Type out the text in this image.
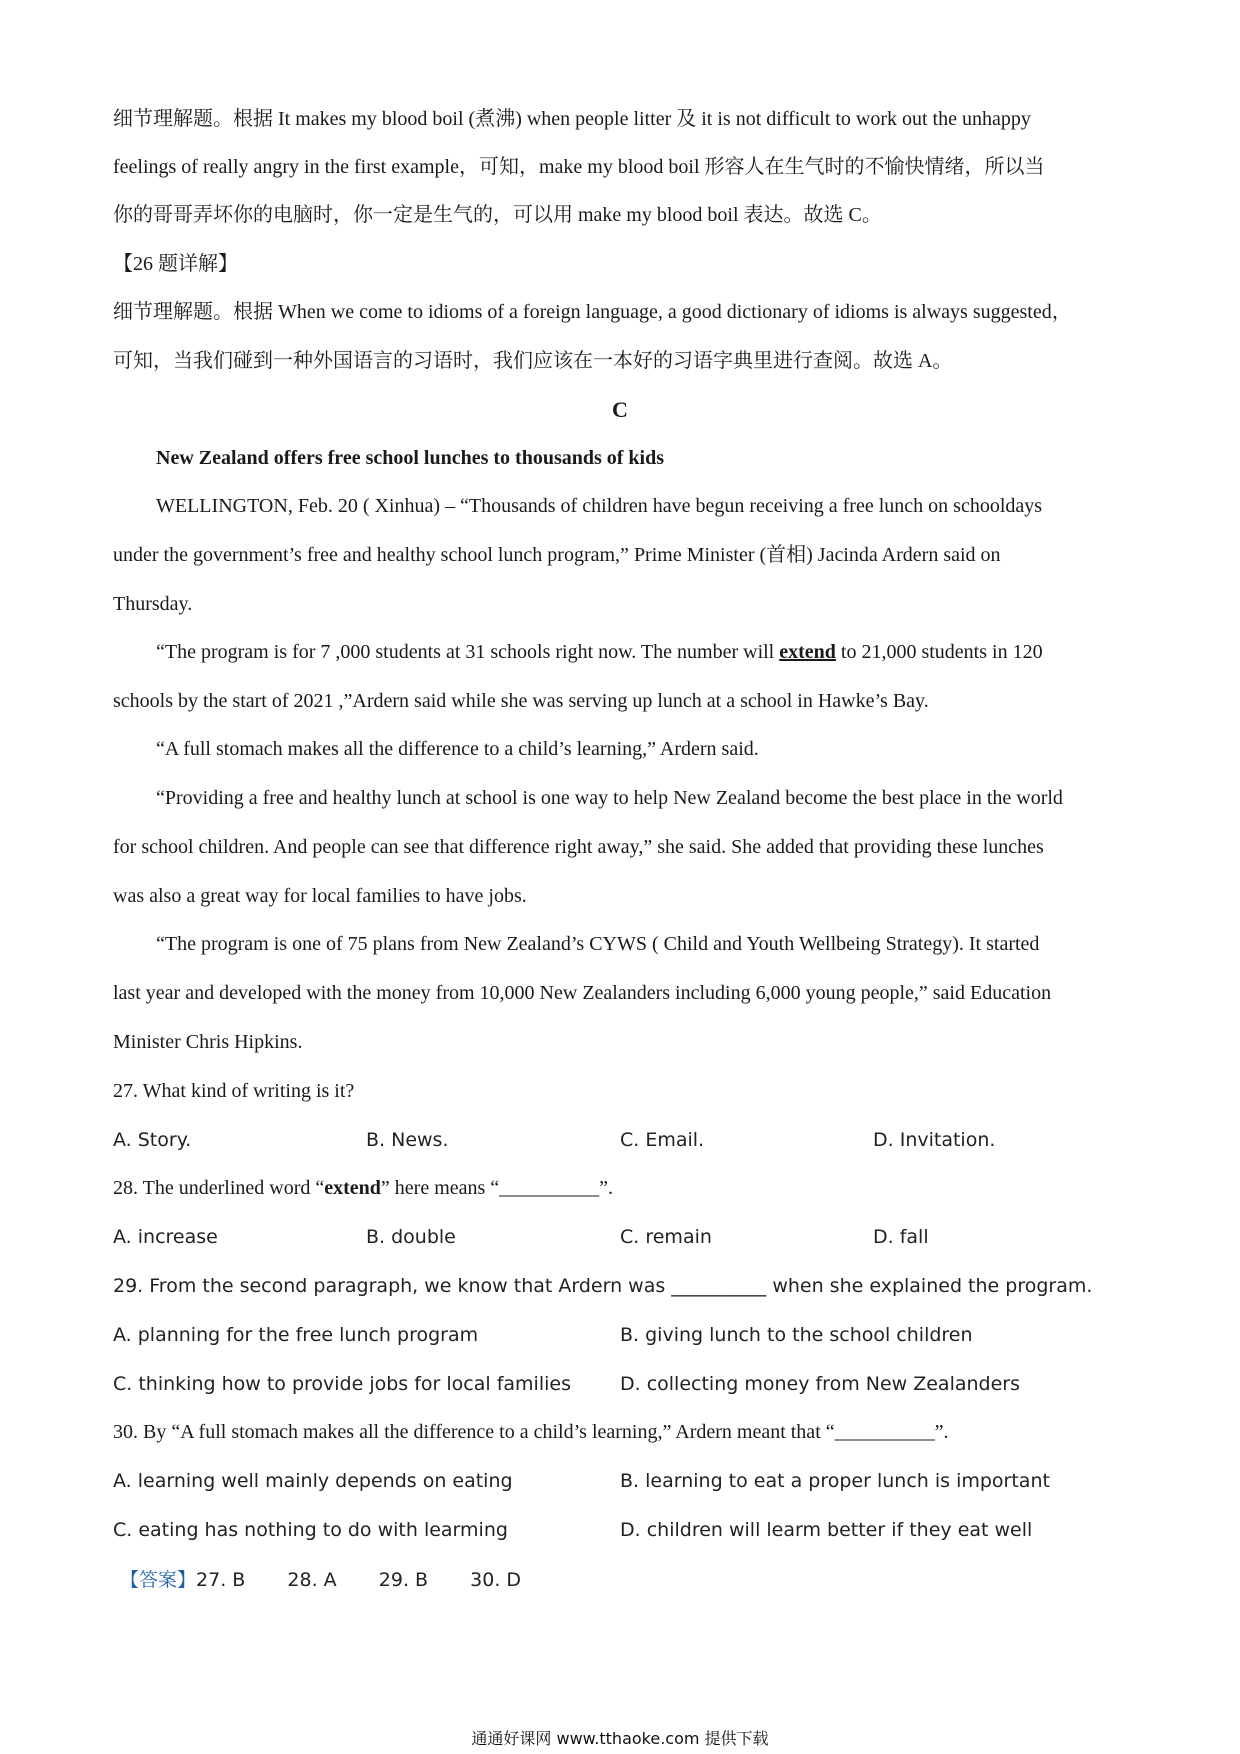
细节理解题。根据 It makes my blood boil (煮沸) when people litter 及 it is not difficult to work out the unhappy
feelings of really angry in the first example，可知，make my blood boil 形容人在生气时的不愉快情绪，所以当
你的哥哥弄坏你的电脑时，你一定是生气的，可以用 make my blood boil 表达。故选 C。
【26 题详解】
细节理解题。根据 When we come to idioms of a foreign language, a good dictionary of idioms is always suggested，
可知，当我们碰到一种外国语言的习语时，我们应该在一本好的习语字典里进行查阅。故选 A。
C
New Zealand offers free school lunches to thousands of kids
WELLINGTON, Feb. 20 ( Xinhua) – “Thousands of children have begun receiving a free lunch on schooldays
under the government’s free and healthy school lunch program,” Prime Minister (首相) Jacinda Ardern said on
Thursday.
“The program is for 7 ,000 students at 31 schools right now. The number will extend to 21,000 students in 120
schools by the start of 2021 ,”Ardern said while she was serving up lunch at a school in Hawke’s Bay.
“A full stomach makes all the difference to a child’s learning,” Ardern said.
“Providing a free and healthy lunch at school is one way to help New Zealand become the best place in the world
for school children. And people can see that difference right away,” she said. She added that providing these lunches
was also a great way for local families to have jobs.
“The program is one of 75 plans from New Zealand’s CYWS ( Child and Youth Wellbeing Strategy). It started
last year and developed with the money from 10,000 New Zealanders including 6,000 young people,” said Education
Minister Chris Hipkins.
27. What kind of writing is it?
A. Story.	B. News.	C. Email.	D. Invitation.
28. The underlined word “extend” here means “__________”.
A. increase	B. double	C. remain	D. fall
29. From the second paragraph, we know that Ardern was __________ when she explained the program.
A. planning for the free lunch program	B. giving lunch to the school children
C. thinking how to provide jobs for local families	D. collecting money from New Zealanders
30. By “A full stomach makes all the difference to a child’s learning,” Ardern meant that “__________”.
A. learning well mainly depends on eating	B. learning to eat a proper lunch is important
C. eating has nothing to do with learming	D. children will learm better if they eat well
【答案】27. B 28. A 29. B 30. D
通通好课网 www.tthaoke.com 提供下载
